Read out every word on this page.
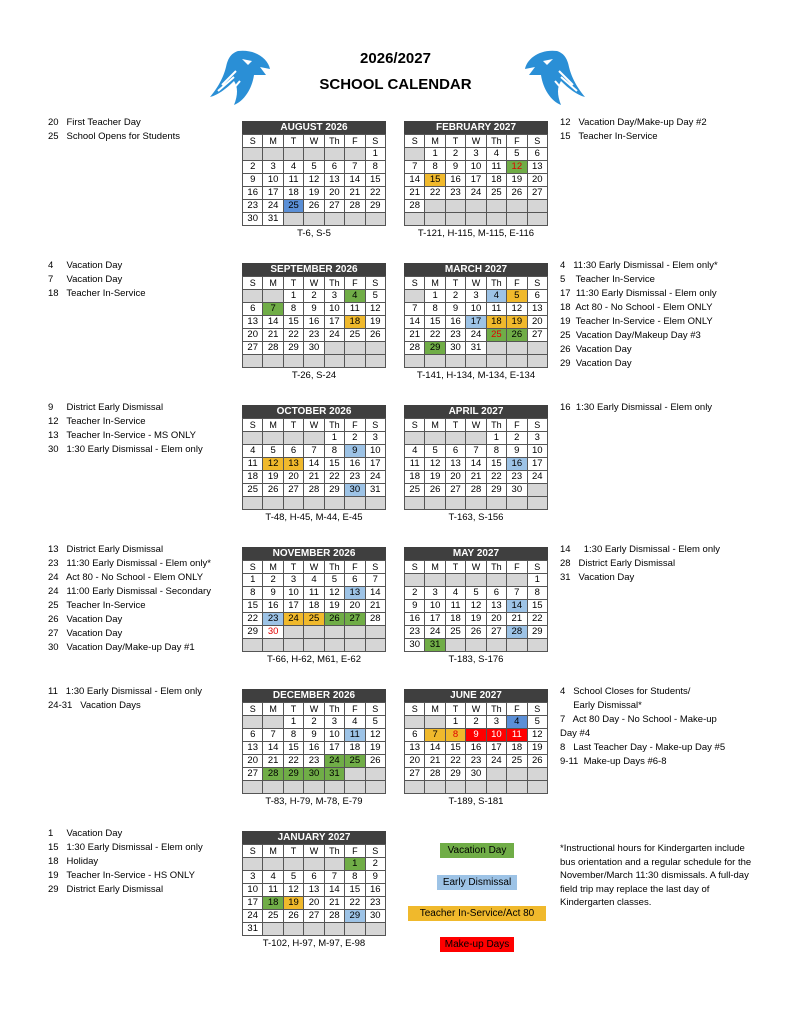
2026/2027
SCHOOL CALENDAR
AUGUST 2026
S	M	T	W	Th	F	S
						1
2	3	4	5	6	7	8
9	10	11	12	13	14	15
16	17	18	19	20	21	22
23	24	25	26	27	28	29
30	31					
T-6, S-5
SEPTEMBER 2026
S	M	T	W	Th	F	S
		1	2	3	4	5
6	7	8	9	10	11	12
13	14	15	16	17	18	19
20	21	22	23	24	25	26
27	28	29	30			

T-26, S-24
OCTOBER 2026
S	M	T	W	Th	F	S
				1	2	3
4	5	6	7	8	9	10
11	12	13	14	15	16	17
18	19	20	21	22	23	24
25	26	27	28	29	30	31

T-48, H-45, M-44, E-45
NOVEMBER 2026
S	M	T	W	Th	F	S
1	2	3	4	5	6	7
8	9	10	11	12	13	14
15	16	17	18	19	20	21
22	23	24	25	26	27	28
29	30					

T-66, H-62, M61, E-62
DECEMBER 2026
S	M	T	W	Th	F	S
		1	2	3	4	5
6	7	8	9	10	11	12
13	14	15	16	17	18	19
20	21	22	23	24	25	26
27	28	29	30	31		

T-83, H-79, M-78, E-79
JANUARY 2027
S	M	T	W	Th	F	S
					1	2
3	4	5	6	7	8	9
10	11	12	13	14	15	16
17	18	19	20	21	22	23
24	25	26	27	28	29	30
31						
T-102, H-97, M-97, E-98
FEBRUARY 2027
S	M	T	W	Th	F	S
	1	2	3	4	5	6
7	8	9	10	11	12	13
14	15	16	17	18	19	20
21	22	23	24	25	26	27
28						

T-121, H-115, M-115, E-116
MARCH 2027
S	M	T	W	Th	F	S
	1	2	3	4	5	6
7	8	9	10	11	12	13
14	15	16	17	18	19	20
21	22	23	24	25	26	27
28	29	30	31			

T-141, H-134, M-134, E-134
APRIL 2027
S	M	T	W	Th	F	S
				1	2	3
4	5	6	7	8	9	10
11	12	13	14	15	16	17
18	19	20	21	22	23	24
25	26	27	28	29	30	

T-163, S-156
MAY 2027
S	M	T	W	Th	F	S
						1
2	3	4	5	6	7	8
9	10	11	12	13	14	15
16	17	18	19	20	21	22
23	24	25	26	27	28	29
30	31					
T-183, S-176
JUNE 2027
S	M	T	W	Th	F	S
		1	2	3	4	5
6	7	8	9	10	11	12
13	14	15	16	17	18	19
20	21	22	23	24	25	26
27	28	29	30			

T-189, S-181
20   First Teacher Day
25   School Opens for Students
4     Vacation Day
7     Vacation Day
18   Teacher In-Service
9     District Early Dismissal
12   Teacher In-Service
13   Teacher In-Service - MS ONLY
30   1:30 Early Dismissal - Elem only
13   District Early Dismissal
23   11:30 Early Dismissal - Elem only*
24   Act 80 - No School - Elem ONLY
24   11:00 Early Dismissal - Secondary
25   Teacher In-Service
26   Vacation Day
27   Vacation Day
30   Vacation Day/Make-up Day #1
11   1:30 Early Dismissal - Elem only
24-31   Vacation Days
1     Vacation Day
15   1:30 Early Dismissal - Elem only
18   Holiday
19   Teacher In-Service - HS ONLY
29   District Early Dismissal
12   Vacation Day/Make-up Day #2
15   Teacher In-Service
4   11:30 Early Dismissal - Elem only*
5    Teacher In-Service
17  11:30 Early Dismissal - Elem only
18  Act 80 - No School - Elem ONLY
19  Teacher In-Service - Elem ONLY
25  Vacation Day/Makeup Day #3
26  Vacation Day
29  Vacation Day
16  1:30 Early Dismissal - Elem only
14     1:30 Early Dismissal - Elem only
28   District Early Dismissal
31   Vacation Day
4   School Closes for Students/
Early Dismissal*
7   Act 80 Day - No School - Make-up
Day #4
8   Last Teacher Day - Make-up Day #5
9-11  Make-up Days #6-8
Vacation Day
Early Dismissal
Teacher In-Service/Act 80
Make-up Days
*Instructional hours for Kindergarten include bus orientation and a regular schedule for the November/March 11:30 dismissals. A full-day field trip may replace the last day of Kindergarten classes.
